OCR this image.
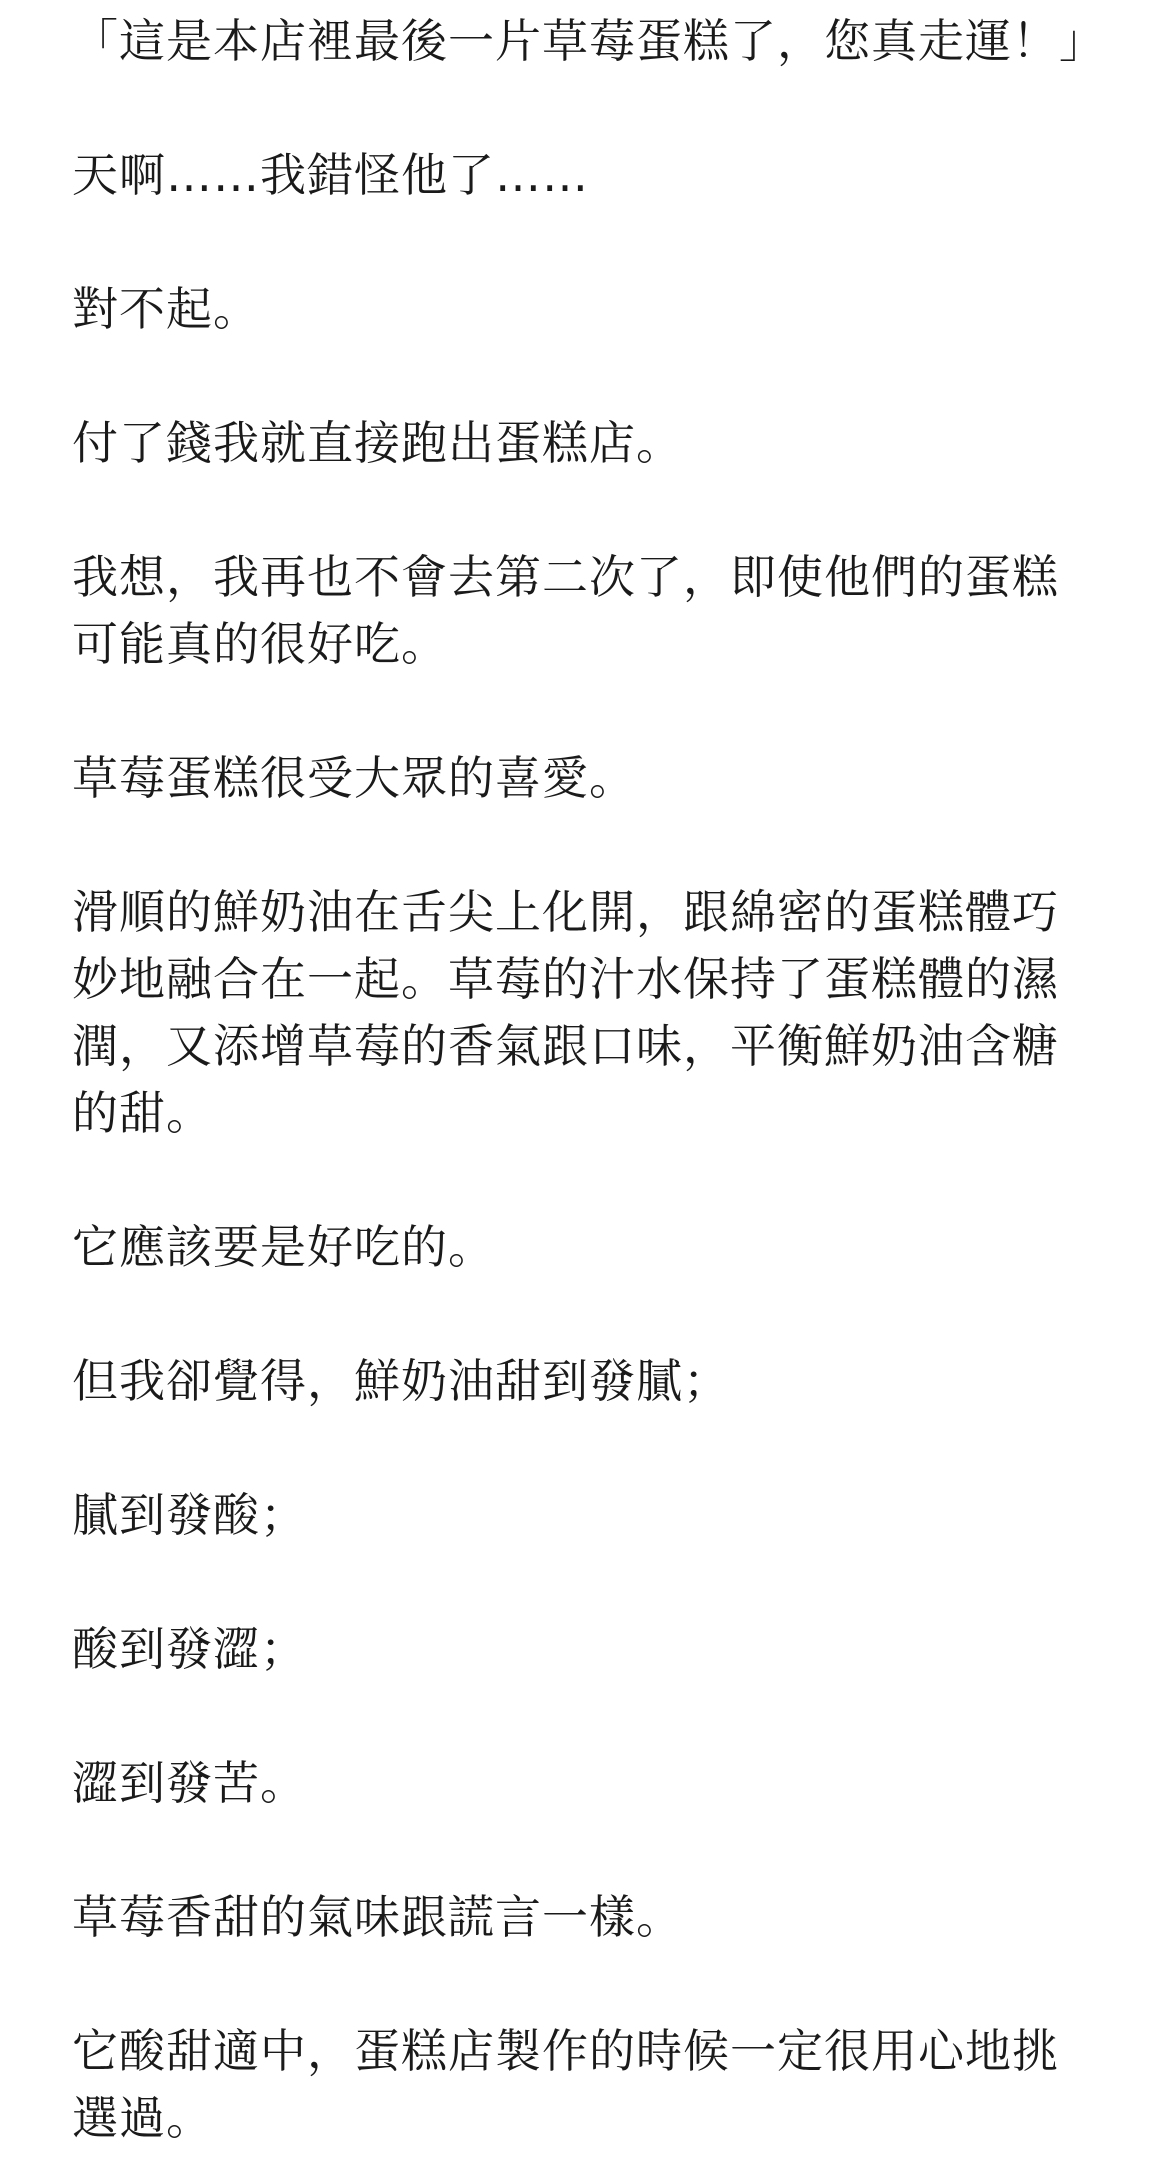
「這是本店裡最後一片草莓蛋糕了，您真走運！」
天啊……我錯怪他了……
對不起。
付了錢我就直接跑出蛋糕店。
我想，我再也不會去第二次了，即使他們的蛋糕
可能真的很好吃。
草莓蛋糕很受大眾的喜愛。
滑順的鮮奶油在舌尖上化開，跟綿密的蛋糕體巧
妙地融合在一起。草莓的汁水保持了蛋糕體的濕
潤，又添增草莓的香氣跟口味，平衡鮮奶油含糖
的甜。
它應該要是好吃的。
但我卻覺得，鮮奶油甜到發膩；
膩到發酸；
酸到發澀；
澀到發苦。
草莓香甜的氣味跟謊言一樣。
它酸甜適中，蛋糕店製作的時候一定很用心地挑
選過。
